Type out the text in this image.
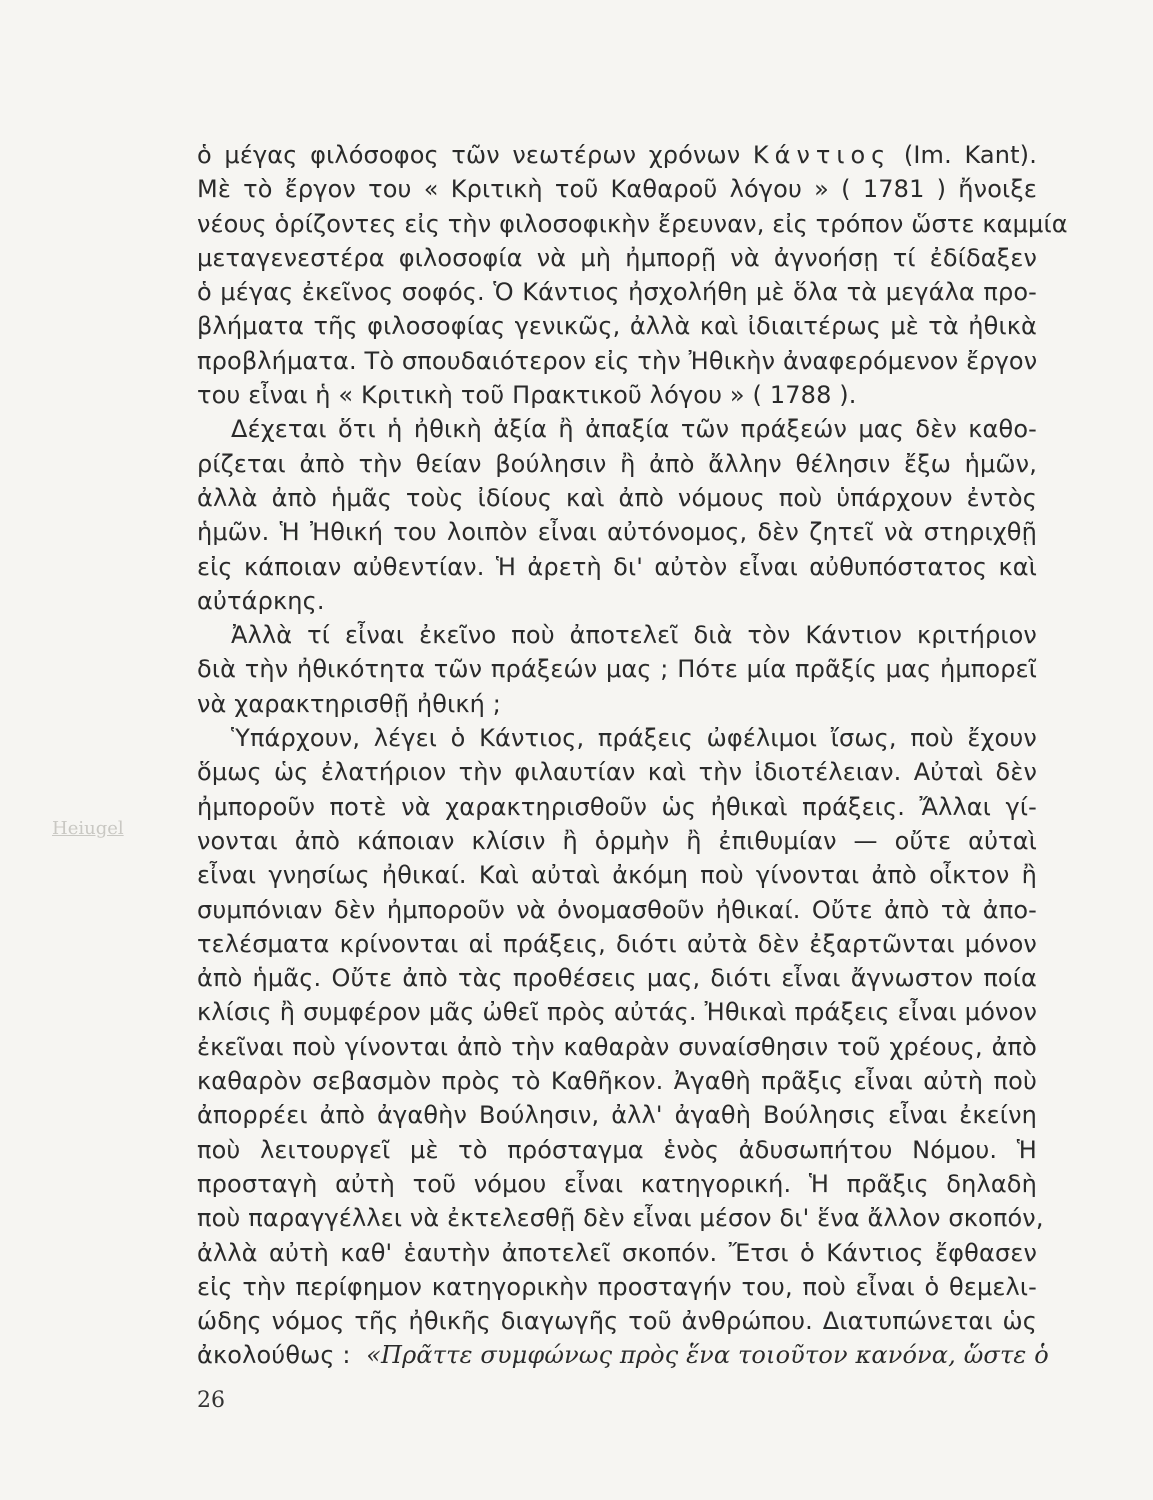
ὁ μέγας φιλόσοφος τῶν νεωτέρων χρόνων Κάντιος (Im. Kant).
Μὲ τὸ ἔργον του « Κριτικὴ τοῦ Καθαροῦ λόγου » ( 1781 ) ἤνοιξε
νέους ὁρίζοντες εἰς τὴν φιλοσοφικὴν ἔρευναν, εἰς τρόπον ὥστε καμμία
μεταγενεστέρα φιλοσοφία νὰ μὴ ἠμπορῇ νὰ ἀγνοήσῃ τί ἐδίδαξεν
ὁ μέγας ἐκεῖνος σοφός. Ὁ Κάντιος ἠσχολήθη μὲ ὅλα τὰ μεγάλα προ-
βλήματα τῆς φιλοσοφίας γενικῶς, ἀλλὰ καὶ ἰδιαιτέρως μὲ τὰ ἠθικὰ
προβλήματα. Τὸ σπουδαιότερον εἰς τὴν Ἠθικὴν ἀναφερόμενον ἔργον
του εἶναι ἡ « Κριτικὴ τοῦ Πρακτικοῦ λόγου » ( 1788 ).
Δέχεται ὅτι ἡ ἠθικὴ ἀξία ἢ ἀπαξία τῶν πράξεών μας δὲν καθο-
ρίζεται ἀπὸ τὴν θείαν βούλησιν ἢ ἀπὸ ἄλλην θέλησιν ἔξω ἡμῶν,
ἀλλὰ ἀπὸ ἡμᾶς τοὺς ἰδίους καὶ ἀπὸ νόμους ποὺ ὑπάρχουν ἐντὸς
ἡμῶν. Ἡ Ἠθική του λοιπὸν εἶναι αὐτόνομος, δὲν ζητεῖ νὰ στηριχθῇ
εἰς κάποιαν αὐθεντίαν. Ἡ ἀρετὴ δι' αὐτὸν εἶναι αὐθυπόστατος καὶ
αὐτάρκης.
Ἀλλὰ τί εἶναι ἐκεῖνο ποὺ ἀποτελεῖ διὰ τὸν Κάντιον κριτήριον
διὰ τὴν ἠθικότητα τῶν πράξεών μας ; Πότε μία πρᾶξίς μας ἠμπορεῖ
νὰ χαρακτηρισθῇ ἠθική ;
Ὑπάρχουν, λέγει ὁ Κάντιος, πράξεις ὠφέλιμοι ἴσως, ποὺ ἔχουν
ὅμως ὡς ἐλατήριον τὴν φιλαυτίαν καὶ τὴν ἰδιοτέλειαν. Αὐταὶ δὲν
ἠμποροῦν ποτὲ νὰ χαρακτηρισθοῦν ὡς ἠθικαὶ πράξεις. Ἄλλαι γί-
νονται ἀπὸ κάποιαν κλίσιν ἢ ὁρμὴν ἢ ἐπιθυμίαν — οὔτε αὐταὶ
εἶναι γνησίως ἠθικαί. Καὶ αὐταὶ ἀκόμη ποὺ γίνονται ἀπὸ οἶκτον ἢ
συμπόνιαν δὲν ἠμποροῦν νὰ ὀνομασθοῦν ἠθικαί. Οὔτε ἀπὸ τὰ ἀπο-
τελέσματα κρίνονται αἱ πράξεις, διότι αὐτὰ δὲν ἐξαρτῶνται μόνον
ἀπὸ ἡμᾶς. Οὔτε ἀπὸ τὰς προθέσεις μας, διότι εἶναι ἄγνωστον ποία
κλίσις ἢ συμφέρον μᾶς ὠθεῖ πρὸς αὐτάς. Ἠθικαὶ πράξεις εἶναι μόνον
ἐκεῖναι ποὺ γίνονται ἀπὸ τὴν καθαρὰν συναίσθησιν τοῦ χρέους, ἀπὸ
καθαρὸν σεβασμὸν πρὸς τὸ Καθῆκον. Ἀγαθὴ πρᾶξις εἶναι αὐτὴ ποὺ
ἀπορρέει ἀπὸ ἀγαθὴν Βούλησιν, ἀλλ' ἀγαθὴ Βούλησις εἶναι ἐκείνη
ποὺ λειτουργεῖ μὲ τὸ πρόσταγμα ἑνὸς ἀδυσωπήτου Νόμου. Ἡ
προσταγὴ αὐτὴ τοῦ νόμου εἶναι κατηγορική. Ἡ πρᾶξις δηλαδὴ
ποὺ παραγγέλλει νὰ ἐκτελεσθῇ δὲν εἶναι μέσον δι' ἕνα ἄλλον σκοπόν,
ἀλλὰ αὐτὴ καθ' ἑαυτὴν ἀποτελεῖ σκοπόν. Ἔτσι ὁ Κάντιος ἔφθασεν
εἰς τὴν περίφημον κατηγορικὴν προσταγήν του, ποὺ εἶναι ὁ θεμελι-
ώδης νόμος τῆς ἠθικῆς διαγωγῆς τοῦ ἀνθρώπου. Διατυπώνεται ὡς
ἀκολούθως : «Πρᾶττε συμφώνως πρὸς ἕνα τοιοῦτον κανόνα, ὥστε ὁ
26
Heiugel
